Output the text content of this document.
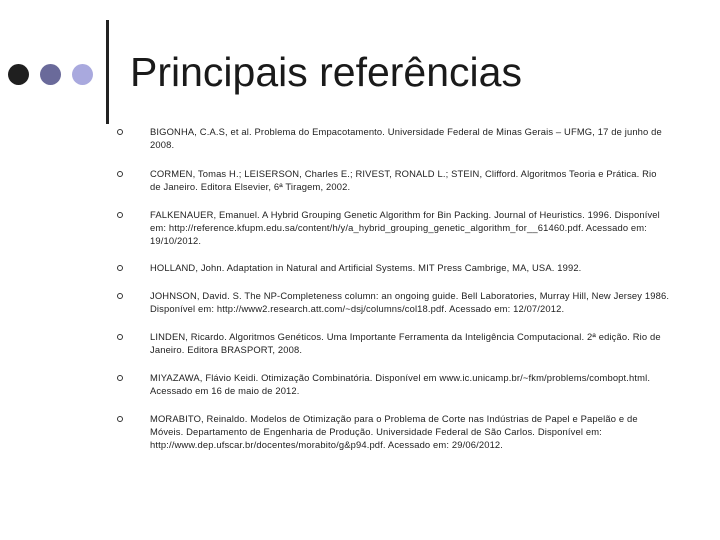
Principais referências
BIGONHA, C.A.S, et al. Problema do Empacotamento. Universidade Federal de Minas Gerais – UFMG, 17 de junho de 2008.
CORMEN, Tomas H.; LEISERSON, Charles E.; RIVEST, RONALD L.; STEIN, Clifford. Algoritmos Teoria e Prática. Rio de Janeiro. Editora Elsevier, 6ª Tiragem, 2002.
FALKENAUER, Emanuel. A Hybrid Grouping Genetic Algorithm for Bin Packing. Journal of Heuristics. 1996. Disponível em: http://reference.kfupm.edu.sa/content/h/y/a_hybrid_grouping_genetic_algorithm_for__61460.pdf. Acessado em: 19/10/2012.
HOLLAND, John. Adaptation in Natural and Artificial Systems. MIT Press Cambrige, MA, USA. 1992.
JOHNSON, David. S. The NP-Completeness column: an ongoing guide. Bell Laboratories, Murray Hill, New Jersey 1986. Disponível em: http://www2.research.att.com/~dsj/columns/col18.pdf. Acessado em: 12/07/2012.
LINDEN, Ricardo. Algoritmos Genéticos. Uma Importante Ferramenta da Inteligência Computacional. 2ª edição. Rio de Janeiro. Editora BRASPORT, 2008.
MIYAZAWA, Flávio Keidi. Otimização Combinatória. Disponível em www.ic.unicamp.br/~fkm/problems/combopt.html. Acessado em 16 de maio de 2012.
MORABITO, Reinaldo. Modelos de Otimização para o Problema de Corte nas Indústrias de Papel e Papelão e de Móveis. Departamento de Engenharia de Produção. Universidade Federal de São Carlos. Disponível em: http://www.dep.ufscar.br/docentes/morabito/g&p94.pdf. Acessado em: 29/06/2012.
